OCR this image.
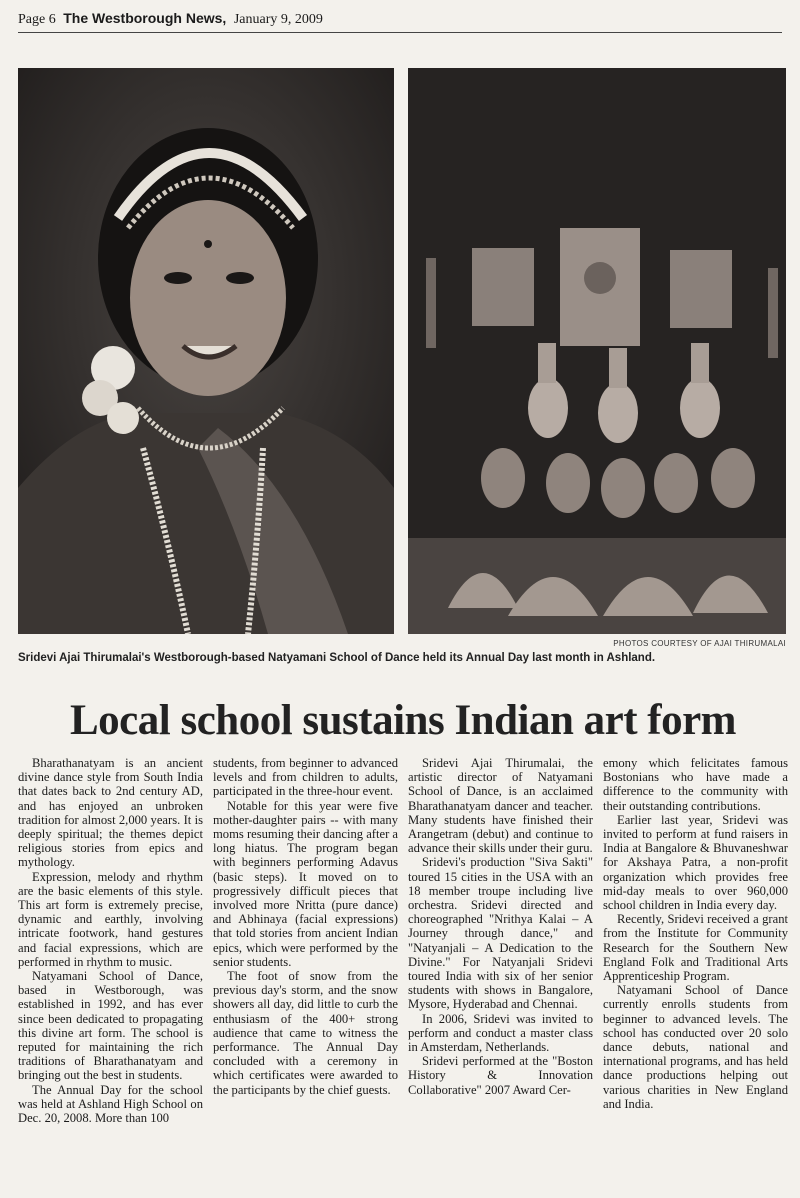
Page 6 The Westborough News, January 9, 2009
PHOTOS COURTESY OF AJAI THIRUMALAI
Sridevi Ajai Thirumalai's Westborough-based Natyamani School of Dance held its Annual Day last month in Ashland.
Local school sustains Indian art form

Bharathanatyam is an ancient divine dance style from South India that dates back to 2nd century AD, and has enjoyed an unbroken tradition for almost 2,000 years. It is deeply spiritual; the themes depict religious stories from epics and mythology.

Expression, melody and rhythm are the basic elements of this style. This art form is extremely precise, dynamic and earthly, involving intricate footwork, hand gestures and facial expressions, which are performed in rhythm to music.

Natyamani School of Dance, based in Westborough, was established in 1992, and has ever since been dedicated to propagating this divine art form. The school is reputed for maintaining the rich traditions of Bharathanatyam and bringing out the best in students.

The Annual Day for the school was held at Ashland High School on Dec. 20, 2008. More than 100

students, from beginner to advanced levels and from children to adults, participated in the three-hour event.

Notable for this year were five mother-daughter pairs -- with many moms resuming their dancing after a long hiatus. The program began with beginners performing Adavus (basic steps). It moved on to progressively difficult pieces that involved more Nritta (pure dance) and Abhinaya (facial expressions) that told stories from ancient Indian epics, which were performed by the senior students.

The foot of snow from the previous day's storm, and the snow showers all day, did little to curb the enthusiasm of the 400+ strong audience that came to witness the performance. The Annual Day concluded with a ceremony in which certificates were awarded to the participants by the chief guests.

Sridevi Ajai Thirumalai, the artistic director of Natyamani School of Dance, is an acclaimed Bharathanatyam dancer and teacher. Many students have finished their Arangetram (debut) and continue to advance their skills under their guru.

Sridevi's production "Siva Sakti" toured 15 cities in the USA with an 18 member troupe including live orchestra. Sridevi directed and choreographed "Nrithya Kalai – A Journey through dance," and "Natyanjali – A Dedication to the Divine." For Natyanjali Sridevi toured India with six of her senior students with shows in Bangalore, Mysore, Hyderabad and Chennai.

In 2006, Sridevi was invited to perform and conduct a master class in Amsterdam, Netherlands.

Sridevi performed at the "Boston History & Innovation Collaborative" 2007 Award Cer-

emony which felicitates famous Bostonians who have made a difference to the community with their outstanding contributions.

Earlier last year, Sridevi was invited to perform at fund raisers in India at Bangalore & Bhuvaneshwar for Akshaya Patra, a non-profit organization which provides free mid-day meals to over 960,000 school children in India every day.

Recently, Sridevi received a grant from the Institute for Community Research for the Southern New England Folk and Traditional Arts Apprenticeship Program.

Natyamani School of Dance currently enrolls students from beginner to advanced levels. The school has conducted over 20 solo dance debuts, national and international programs, and has held dance productions helping out various charities in New England and India.
